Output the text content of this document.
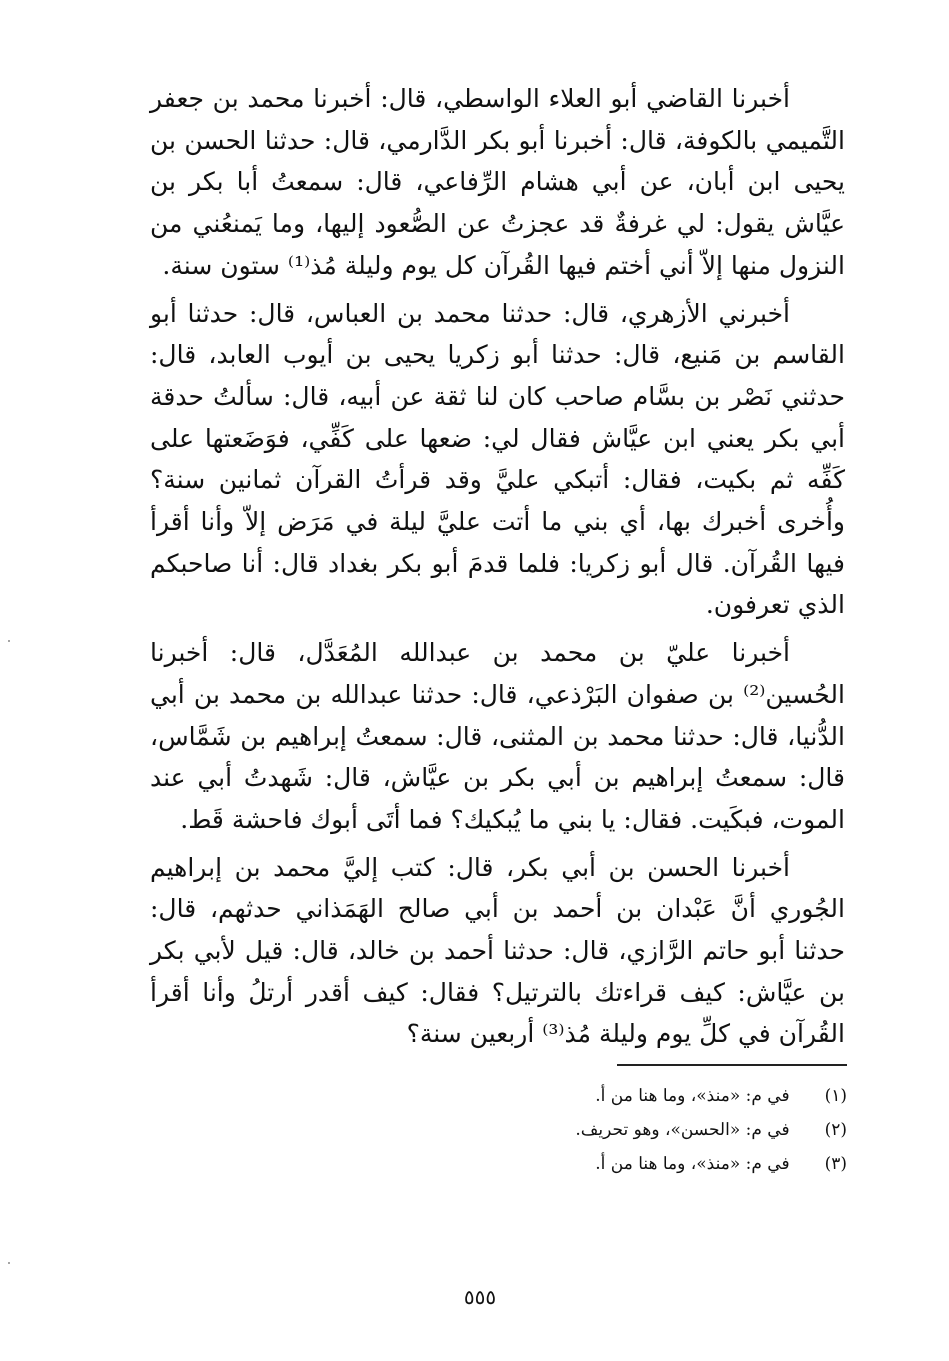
أخبرنا القاضي أبو العلاء الواسطي، قال: أخبرنا محمد بن جعفر التَّميمي بالكوفة، قال: أخبرنا أبو بكر الدَّارمي، قال: حدثنا الحسن بن يحيى ابن أبان، عن أبي هشام الرِّفاعي، قال: سمعتُ أبا بكر بن عيَّاش يقول: لي غرفةٌ قد عجزتُ عن الصُّعود إليها، وما يَمنعُني من النزول منها إلاّ أني أختم فيها القُرآن كل يوم وليلة مُذ⁽¹⁾ ستون سنة.

أخبرني الأزهري، قال: حدثنا محمد بن العباس، قال: حدثنا أبو القاسم بن مَنيع، قال: حدثنا أبو زكريا يحيى بن أيوب العابد، قال: حدثني نَصْر بن بسَّام صاحب كان لنا ثقة عن أبيه، قال: سألتُ حدقة أبي بكر يعني ابن عيَّاش فقال لي: ضعها على كَفِّي، فوَضَعتها على كَفِّه ثم بكيت، فقال: أتبكي عليَّ وقد قرأتُ القرآن ثمانين سنة؟ وأُخرى أخبرك بها، أي بني ما أتت عليَّ ليلة في مَرَض إلاّ وأنا أقرأ فيها القُرآن. قال أبو زكريا: فلما قدمَ أبو بكر بغداد قال: أنا صاحبكم الذي تعرفون.

أخبرنا عليّ بن محمد بن عبدالله المُعَدَّل، قال: أخبرنا الحُسين⁽²⁾ بن صفوان البَرْذعي، قال: حدثنا عبدالله بن محمد بن أبي الدُّنيا، قال: حدثنا محمد بن المثنى، قال: سمعتُ إبراهيم بن شَمَّاس، قال: سمعتُ إبراهيم بن أبي بكر بن عيَّاش، قال: شَهدتُ أبي عند الموت، فبكَيت. فقال: يا بني ما يُبكيك؟ فما أتَى أبوك فاحشة قَط.

أخبرنا الحسن بن أبي بكر، قال: كتب إليَّ محمد بن إبراهيم الجُوري أنَّ عَبْدان بن أحمد بن أبي صالح الهَمَذاني حدثهم، قال: حدثنا أبو حاتم الرَّازي، قال: حدثنا أحمد بن خالد، قال: قيل لأبي بكر بن عيَّاش: كيف قراءتك بالترتيل؟ فقال: كيف أقدر أرتلُ وأنا أقرأ القُرآن في كلِّ يوم وليلة مُذ⁽³⁾ أربعين سنة؟

(١) في م: «منذ»، وما هنا من أ.
(٢) في م: «الحسن»، وهو تحريف.
(٣) في م: «منذ»، وما هنا من أ.
٥٥٥
